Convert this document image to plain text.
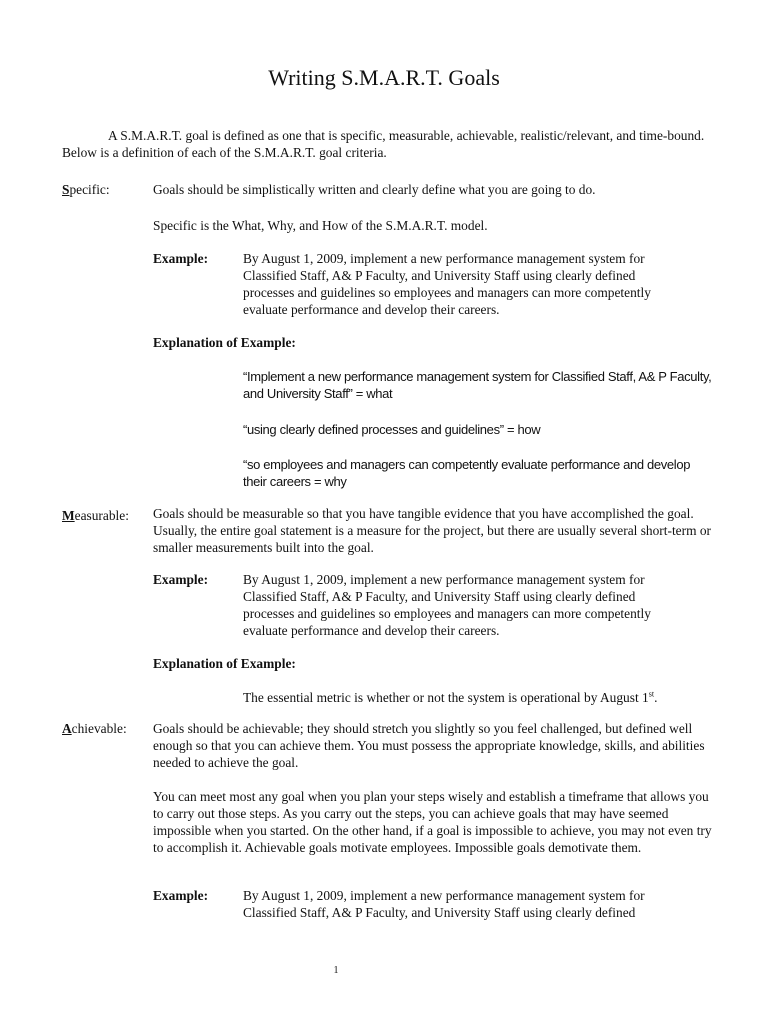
Writing S.M.A.R.T. Goals
A S.M.A.R.T. goal is defined as one that is specific, measurable, achievable, realistic/relevant, and time-bound. Below is a definition of each of the S.M.A.R.T. goal criteria.
Specific:	Goals should be simplistically written and clearly define what you are going to do.
Specific is the What, Why, and How of the S.M.A.R.T. model.
Example:	By August 1, 2009, implement a new performance management system for Classified Staff, A& P Faculty, and University Staff using clearly defined processes and guidelines so employees and managers can more competently evaluate performance and develop their careers.
Explanation of Example:
“Implement a new performance management system for Classified Staff, A& P Faculty, and University Staff” = what
“using clearly defined processes and guidelines” = how
“so employees and managers can competently evaluate performance and develop their careers = why
Measurable: Goals should be measurable so that you have tangible evidence that you have accomplished the goal. Usually, the entire goal statement is a measure for the project, but there are usually several short-term or smaller measurements built into the goal.
Example:	By August 1, 2009, implement a new performance management system for Classified Staff, A& P Faculty, and University Staff using clearly defined processes and guidelines so employees and managers can more competently evaluate performance and develop their careers.
Explanation of Example:
The essential metric is whether or not the system is operational by August 1st.
Achievable: Goals should be achievable; they should stretch you slightly so you feel challenged, but defined well enough so that you can achieve them. You must possess the appropriate knowledge, skills, and abilities needed to achieve the goal.
You can meet most any goal when you plan your steps wisely and establish a timeframe that allows you to carry out those steps. As you carry out the steps, you can achieve goals that may have seemed impossible when you started. On the other hand, if a goal is impossible to achieve, you may not even try to accomplish it. Achievable goals motivate employees. Impossible goals demotivate them.
Example:	By August 1, 2009, implement a new performance management system for Classified Staff, A& P Faculty, and University Staff using clearly defined
1
